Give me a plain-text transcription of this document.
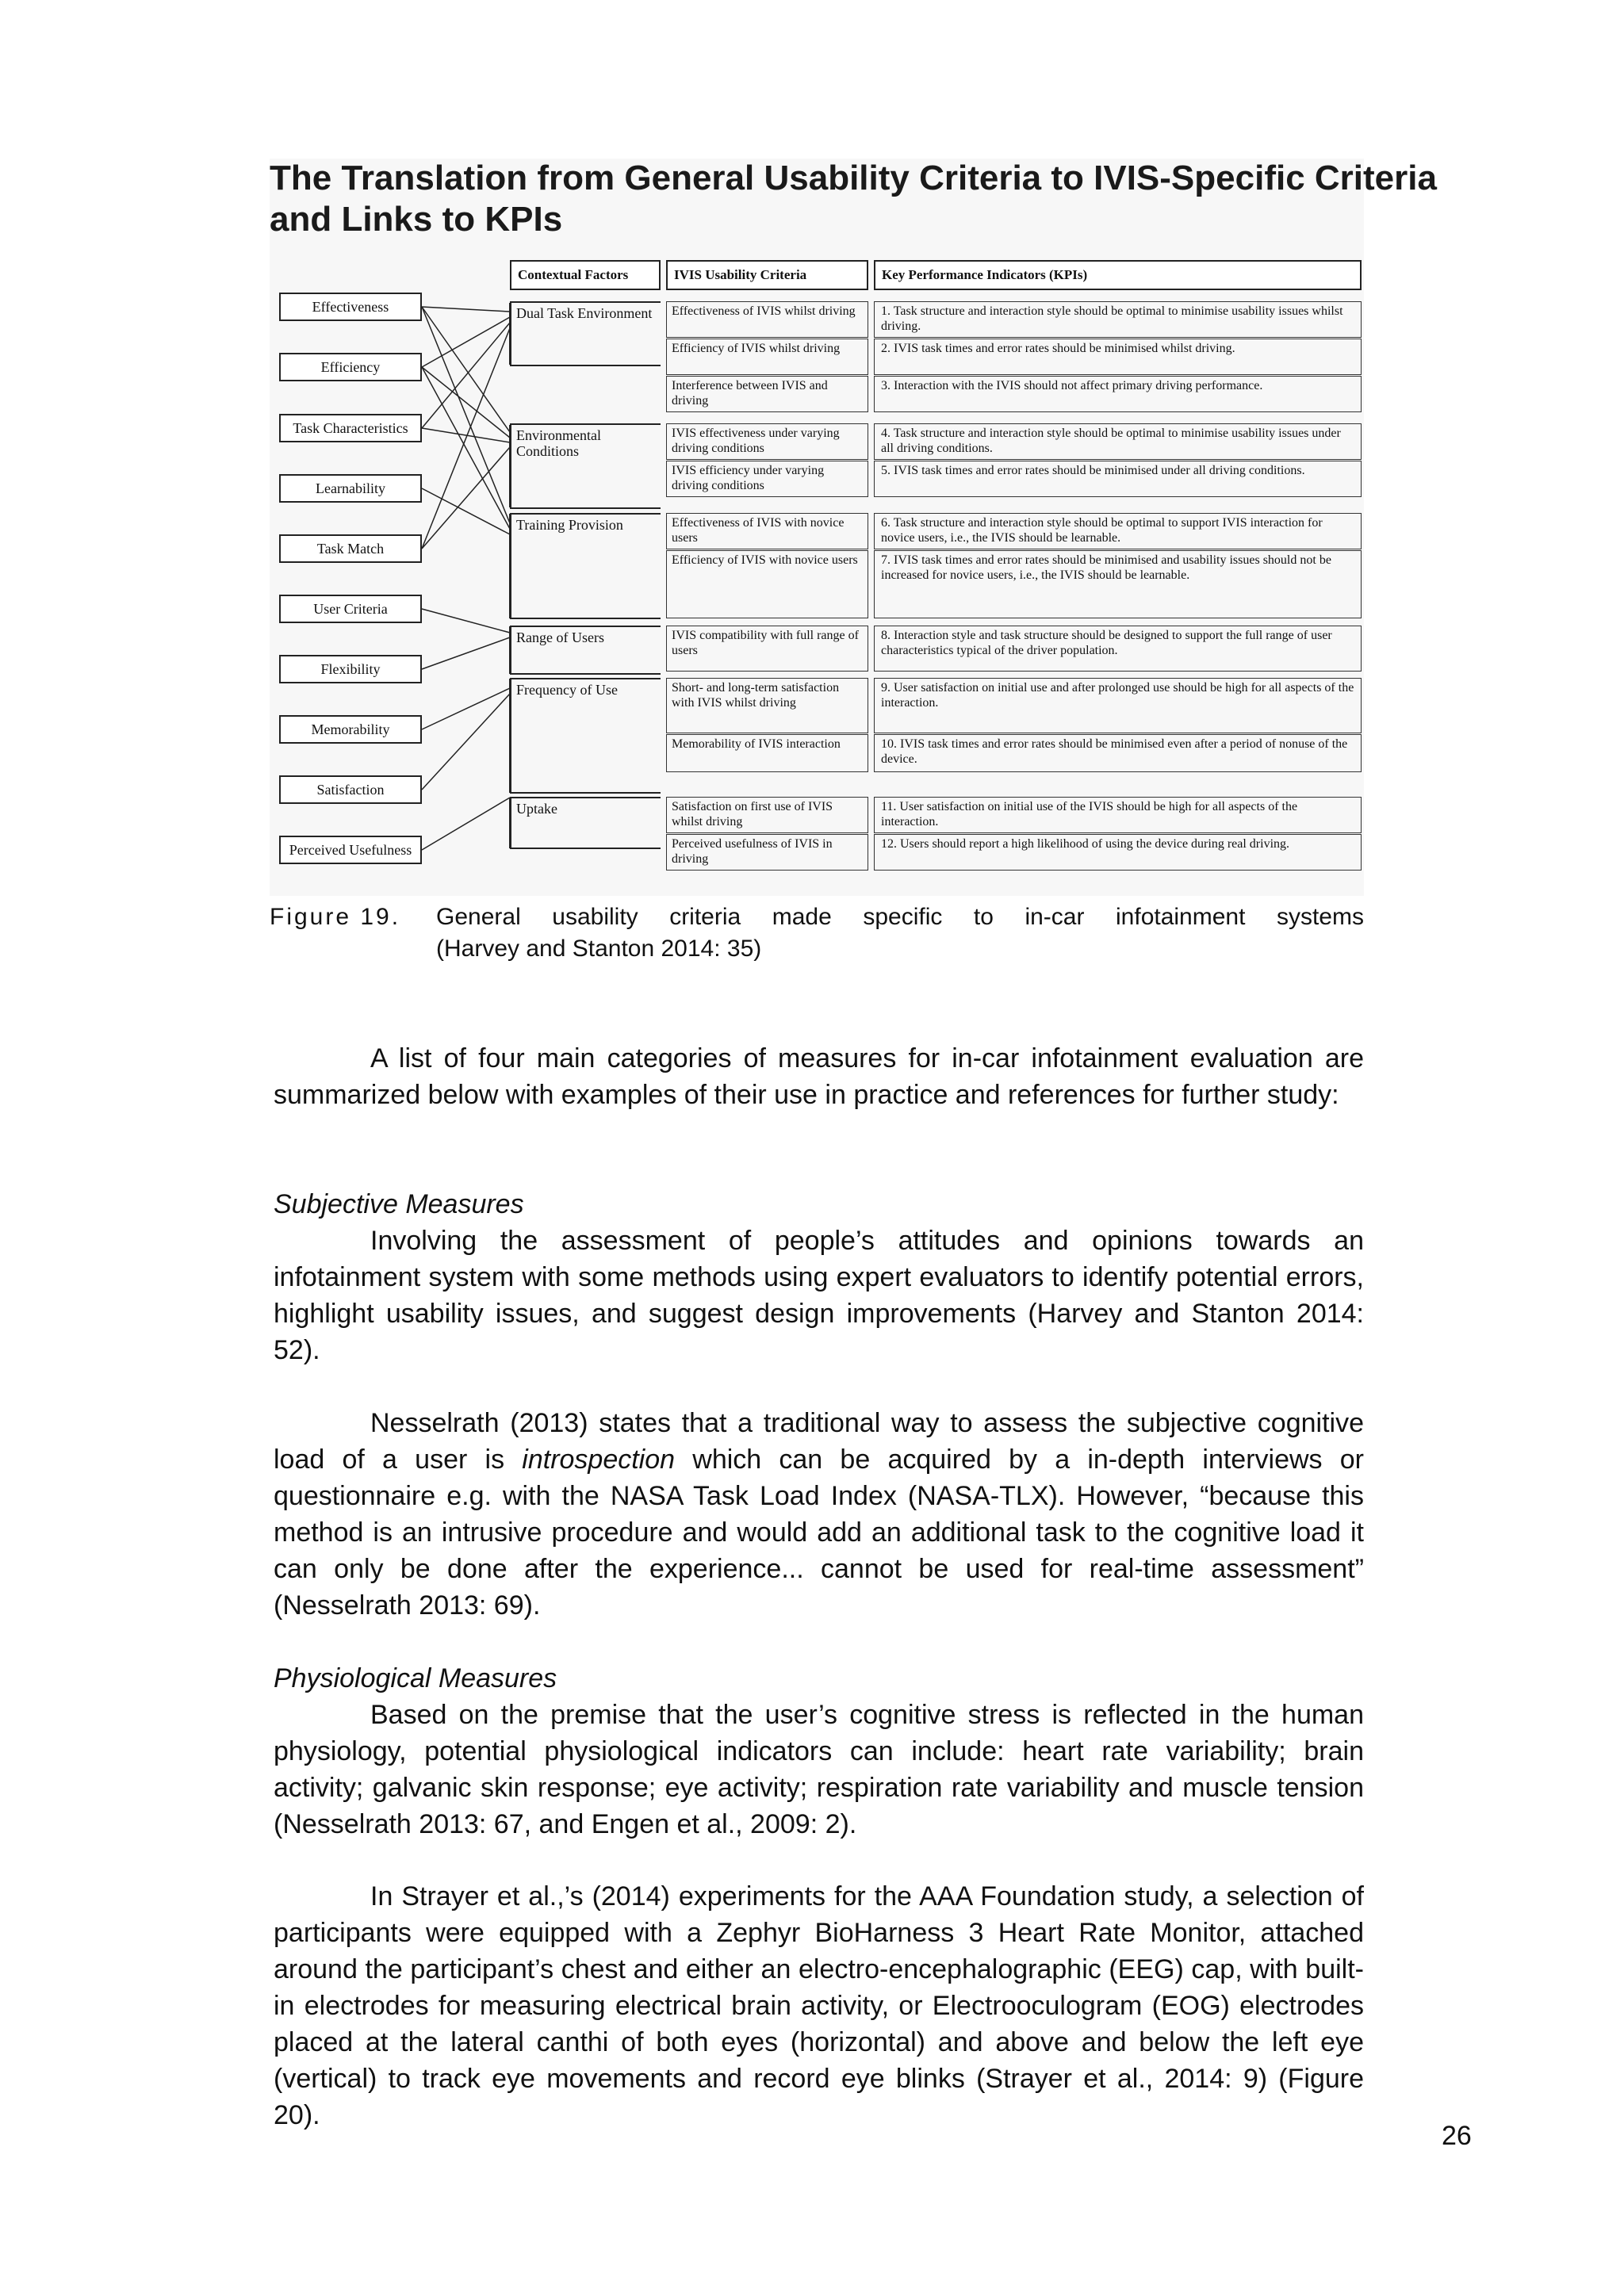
The Translation from General Usability Criteria to IVIS-Specific Criteria
and Links to KPIs
Contextual Factors	IVIS Usability Criteria	Key Performance Indicators (KPIs)
Effectiveness
Efficiency
Task Characteristics
Learnability
Task Match
User Criteria
Flexibility
Memorability
Satisfaction
Perceived Usefulness
Dual Task Environment
Environmental Conditions
Training Provision
Range of Users
Frequency of Use
Uptake
Effectiveness of IVIS whilst driving
Efficiency of IVIS whilst driving
Interference between IVIS and driving
IVIS effectiveness under varying driving conditions
IVIS efficiency under varying driving conditions
Effectiveness of IVIS with novice users
Efficiency of IVIS with novice users
IVIS compatibility with full range of users
Short- and long-term satisfaction with IVIS whilst driving
Memorability of IVIS interaction
Satisfaction on first use of IVIS whilst driving
Perceived usefulness of IVIS in driving
1. Task structure and interaction style should be optimal to minimise usability issues whilst driving.
2. IVIS task times and error rates should be minimised whilst driving.
3. Interaction with the IVIS should not affect primary driving performance.
4. Task structure and interaction style should be optimal to minimise usability issues under all driving conditions.
5. IVIS task times and error rates should be minimised under all driving conditions.
6. Task structure and interaction style should be optimal to support IVIS interaction for novice users, i.e., the IVIS should be learnable.
7. IVIS task times and error rates should be minimised and usability issues should not be increased for novice users, i.e., the IVIS should be learnable.
8. Interaction style and task structure should be designed to support the full range of user characteristics typical of the driver population.
9. User satisfaction on initial use and after prolonged use should be high for all aspects of the interaction.
10. IVIS task times and error rates should be minimised even after a period of nonuse of the device.
11. User satisfaction on initial use of the IVIS should be high for all aspects of the interaction.
12. Users should report a high likelihood of using the device during real driving.
Figure 19. General usability criteria made specific to in-car infotainment systems
(Harvey and Stanton 2014: 35)

A list of four main categories of measures for in-car infotainment evaluation are summarized below with examples of their use in practice and references for further study:

Subjective Measures

Involving the assessment of people’s attitudes and opinions towards an infotainment system with some methods using expert evaluators to identify potential errors, highlight usability issues, and suggest design improvements (Harvey and Stanton 2014: 52).

Nesselrath (2013) states that a traditional way to assess the subjective cognitive load of a user is introspection which can be acquired by a in-depth interviews or questionnaire e.g. with the NASA Task Load Index (NASA-TLX). However, “because this method is an intrusive procedure and would add an additional task to the cognitive load it can only be done after the experience... cannot be used for real-time assessment” (Nesselrath 2013: 69).

Physiological Measures

Based on the premise that the user’s cognitive stress is reflected in the human physiology, potential physiological indicators can include: heart rate variability; brain activity; galvanic skin response; eye activity; respiration rate variability and muscle tension (Nesselrath 2013: 67, and Engen et al., 2009: 2).

In Strayer et al.,’s (2014) experiments for the AAA Foundation study, a selection of participants were equipped with a Zephyr BioHarness 3 Heart Rate Monitor, attached around the participant’s chest and either an electro-encephalographic (EEG) cap, with built-in electrodes for measuring electrical brain activity, or Electrooculogram (EOG) electrodes placed at the lateral canthi of both eyes (horizontal) and above and below the left eye (vertical) to track eye movements and record eye blinks (Strayer et al., 2014: 9) (Figure 20).

26
